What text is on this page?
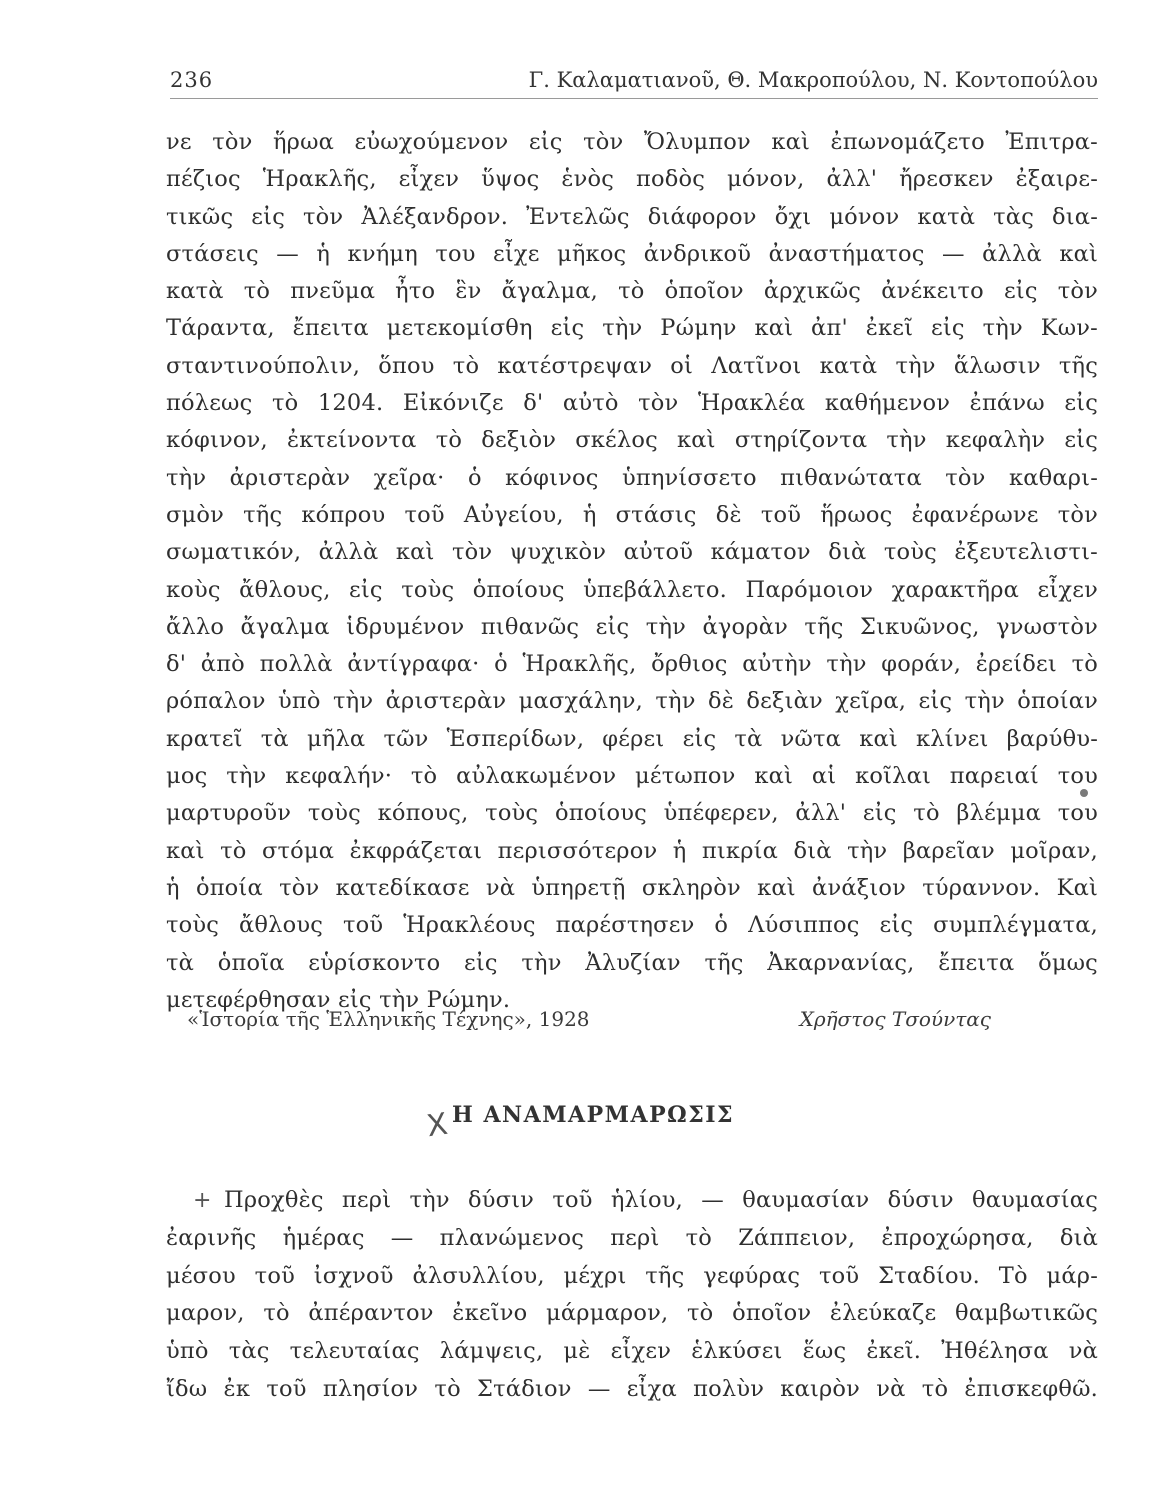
236	Γ. Καλαματιανοῦ, Θ. Μακροπούλου, Ν. Κοντοπούλου
νε τὸν ἥρωα εὐωχούμενον εἰς τὸν Ὄλυμπον καὶ ἐπωνομάζετο Ἐπιτρα-
πέζιος Ἡρακλῆς, εἶχεν ὕψος ἑνὸς ποδὸς μόνον, ἀλλ' ἤρεσκεν ἐξαιρε-
τικῶς εἰς τὸν Ἀλέξανδρον. Ἐντελῶς διάφορον ὄχι μόνον κατὰ τὰς δια-
στάσεις — ἡ κνήμη του εἶχε μῆκος ἀνδρικοῦ ἀναστήματος — ἀλλὰ καὶ
κατὰ τὸ πνεῦμα ἦτο ἓν ἄγαλμα, τὸ ὁποῖον ἀρχικῶς ἀνέκειτο εἰς τὸν
Τάραντα, ἔπειτα μετεκομίσθη εἰς τὴν Ρώμην καὶ ἀπ' ἐκεῖ εἰς τὴν Κων-
σταντινούπολιν, ὅπου τὸ κατέστρεψαν οἱ Λατῖνοι κατὰ τὴν ἅλωσιν τῆς
πόλεως τὸ 1204. Εἰκόνιζε δ' αὐτὸ τὸν Ἡρακλέα καθήμενον ἐπάνω εἰς
κόφινον, ἐκτείνοντα τὸ δεξιὸν σκέλος καὶ στηρίζοντα τὴν κεφαλὴν εἰς
τὴν ἀριστερὰν χεῖρα· ὁ κόφινος ὑπηνίσσετο πιθανώτατα τὸν καθαρι-
σμὸν τῆς κόπρου τοῦ Αὐγείου, ἡ στάσις δὲ τοῦ ἥρωος ἐφανέρωνε τὸν
σωματικόν, ἀλλὰ καὶ τὸν ψυχικὸν αὐτοῦ κάματον διὰ τοὺς ἐξευτελιστι-
κοὺς ἄθλους, εἰς τοὺς ὁποίους ὑπεβάλλετο. Παρόμοιον χαρακτῆρα εἶχεν
ἄλλο ἄγαλμα ἱδρυμένον πιθανῶς εἰς τὴν ἀγορὰν τῆς Σικυῶνος, γνωστὸν
δ' ἀπὸ πολλὰ ἀντίγραφα· ὁ Ἡρακλῆς, ὄρθιος αὐτὴν τὴν φοράν, ἐρείδει τὸ
ρόπαλον ὑπὸ τὴν ἀριστερὰν μασχάλην, τὴν δὲ δεξιὰν χεῖρα, εἰς τὴν ὁποίαν
κρατεῖ τὰ μῆλα τῶν Ἑσπερίδων, φέρει εἰς τὰ νῶτα καὶ κλίνει βαρύθυ-
μος τὴν κεφαλήν· τὸ αὐλακωμένον μέτωπον καὶ αἱ κοῖλαι παρειαί του
μαρτυροῦν τοὺς κόπους, τοὺς ὁποίους ὑπέφερεν, ἀλλ' εἰς τὸ βλέμμα του
καὶ τὸ στόμα ἐκφράζεται περισσότερον ἡ πικρία διὰ τὴν βαρεῖαν μοῖραν,
ἡ ὁποία τὸν κατεδίκασε νὰ ὑπηρετῇ σκληρὸν καὶ ἀνάξιον τύραννον. Καὶ
τοὺς ἄθλους τοῦ Ἡρακλέους παρέστησεν ὁ Λύσιππος εἰς συμπλέγματα,
τὰ ὁποῖα εὑρίσκοντο εἰς τὴν Ἀλυζίαν τῆς Ἀκαρνανίας, ἔπειτα ὅμως
μετεφέρθησαν εἰς τὴν Ρώμην.
«Ἱστορία τῆς Ἑλληνικῆς Τέχνης», 1928	Χρῆστος Τσούντας
X Η ΑΝΑΜΑΡΜΑΡΩΣΙΣ
+ Προχθὲς περὶ τὴν δύσιν τοῦ ἡλίου, — θαυμασίαν δύσιν θαυμασίας
ἐαρινῆς ἡμέρας — πλανώμενος περὶ τὸ Ζάππειον, ἐπροχώρησα, διὰ
μέσου τοῦ ἰσχνοῦ ἀλσυλλίου, μέχρι τῆς γεφύρας τοῦ Σταδίου. Τὸ μάρ-
μαρον, τὸ ἀπέραντον ἐκεῖνο μάρμαρον, τὸ ὁποῖον ἐλεύκαζε θαμβωτικῶς
ὑπὸ τὰς τελευταίας λάμψεις, μὲ εἶχεν ἑλκύσει ἕως ἐκεῖ. Ἠθέλησα νὰ
ἴδω ἐκ τοῦ πλησίον τὸ Στάδιον — εἶχα πολὺν καιρὸν νὰ τὸ ἐπισκεφθῶ.
